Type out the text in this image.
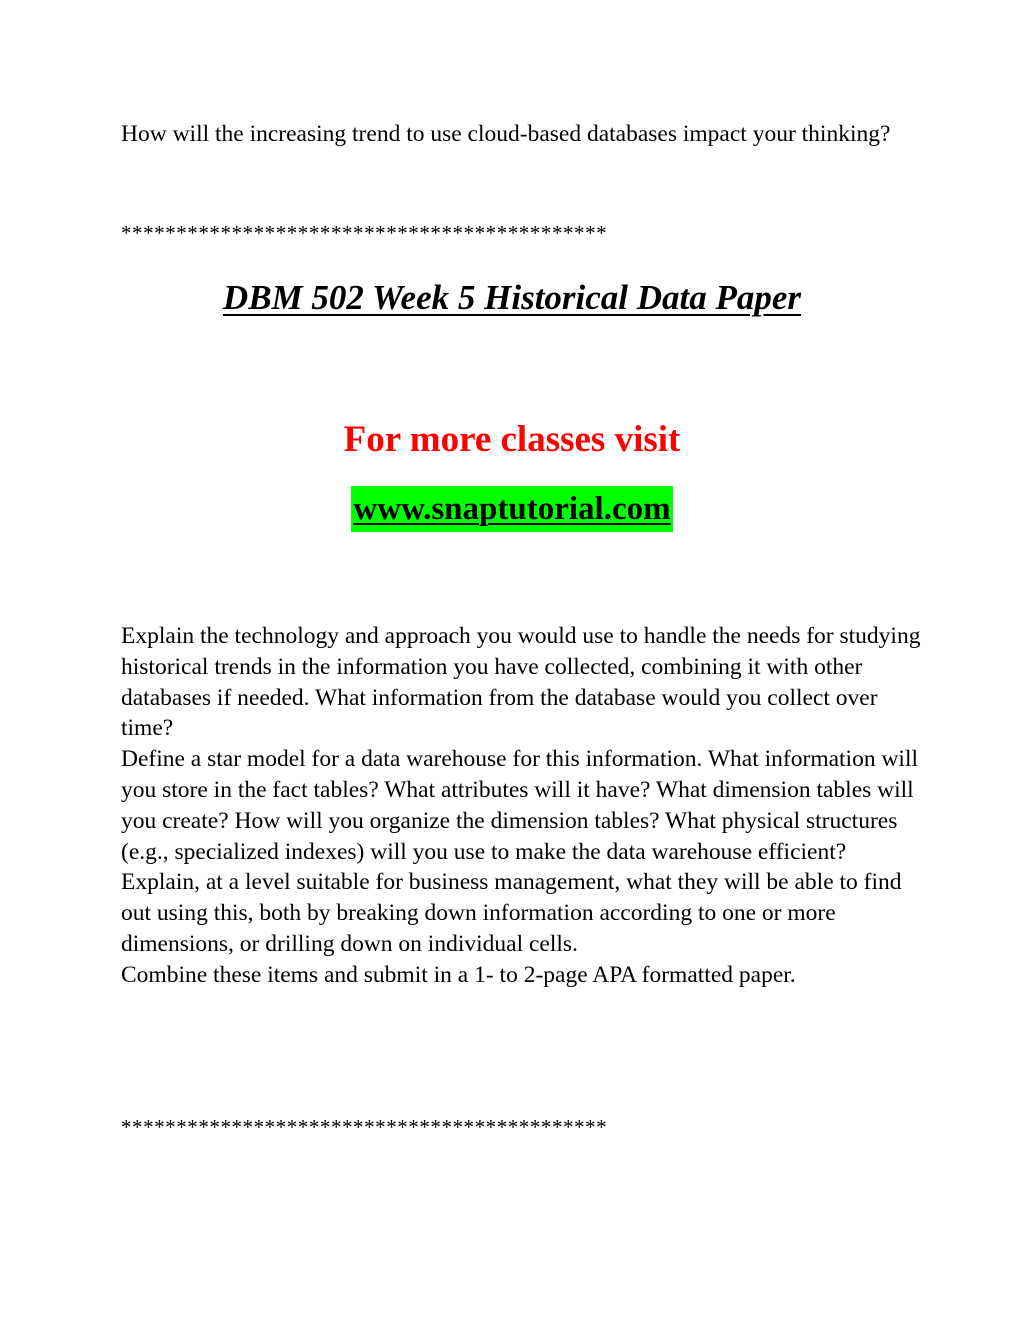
How will the increasing trend to use cloud-based databases impact your thinking?

********************************************

DBM 502 Week 5 Historical Data Paper

For more classes visit

www.snaptutorial.com

Explain the technology and approach you would use to handle the needs for studying historical trends in the information you have collected, combining it with other databases if needed. What information from the database would you collect over time?

Define a star model for a data warehouse for this information. What information will you store in the fact tables? What attributes will it have? What dimension tables will you create? How will you organize the dimension tables? What physical structures (e.g., specialized indexes) will you use to make the data warehouse efficient?

Explain, at a level suitable for business management, what they will be able to find out using this, both by breaking down information according to one or more dimensions, or drilling down on individual cells.

Combine these items and submit in a 1- to 2-page APA formatted paper.

********************************************
